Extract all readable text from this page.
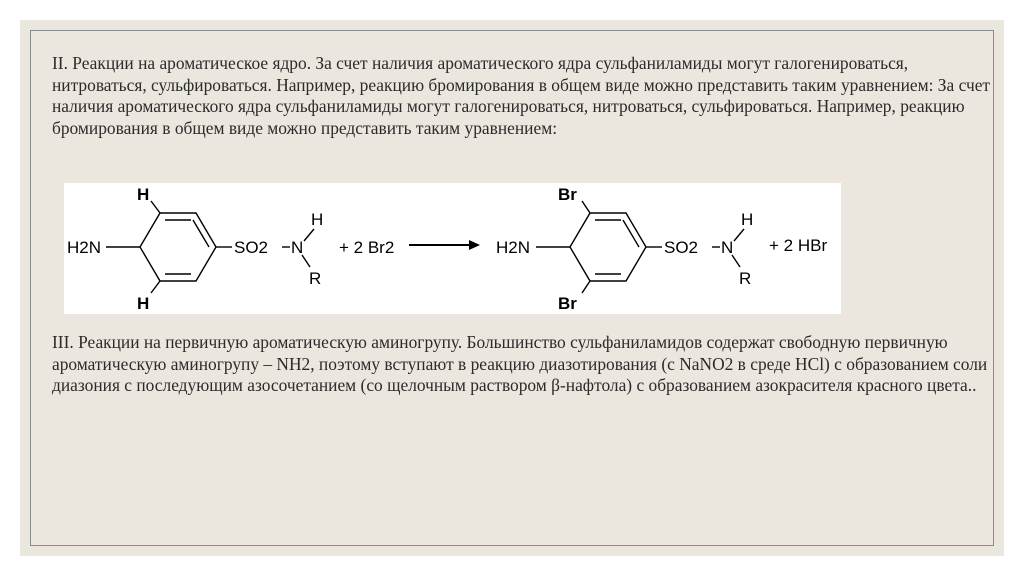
II. Реакции на ароматическое ядро. За счет наличия ароматического ядра сульфаниламиды могут галогенироваться, нитроваться, сульфироваться. Например, реакцию бромирования в общем виде можно представить таким уравнением: За счет наличия ароматического ядра сульфаниламиды могут галогенироваться, нитроваться, сульфироваться. Например, реакцию бромирования в общем виде можно представить таким уравнением:

H2N
H
H
SO2 N
H
R
+ 2 Br2	H2N
Br
Br
SO2 N
H
R
+ 2 HBr

III. Реакции на первичную ароматическую аминогрупу. Большинство сульфаниламидов содержат свободную первичную ароматическую аминогрупу – NH2, поэтому вступают в реакцию диазотирования (с NaNO2 в среде HCl) с образованием соли диазония с последующим азосочетанием (со щелочным раствором β-нафтола) с образованием азокрасителя красного цвета..
